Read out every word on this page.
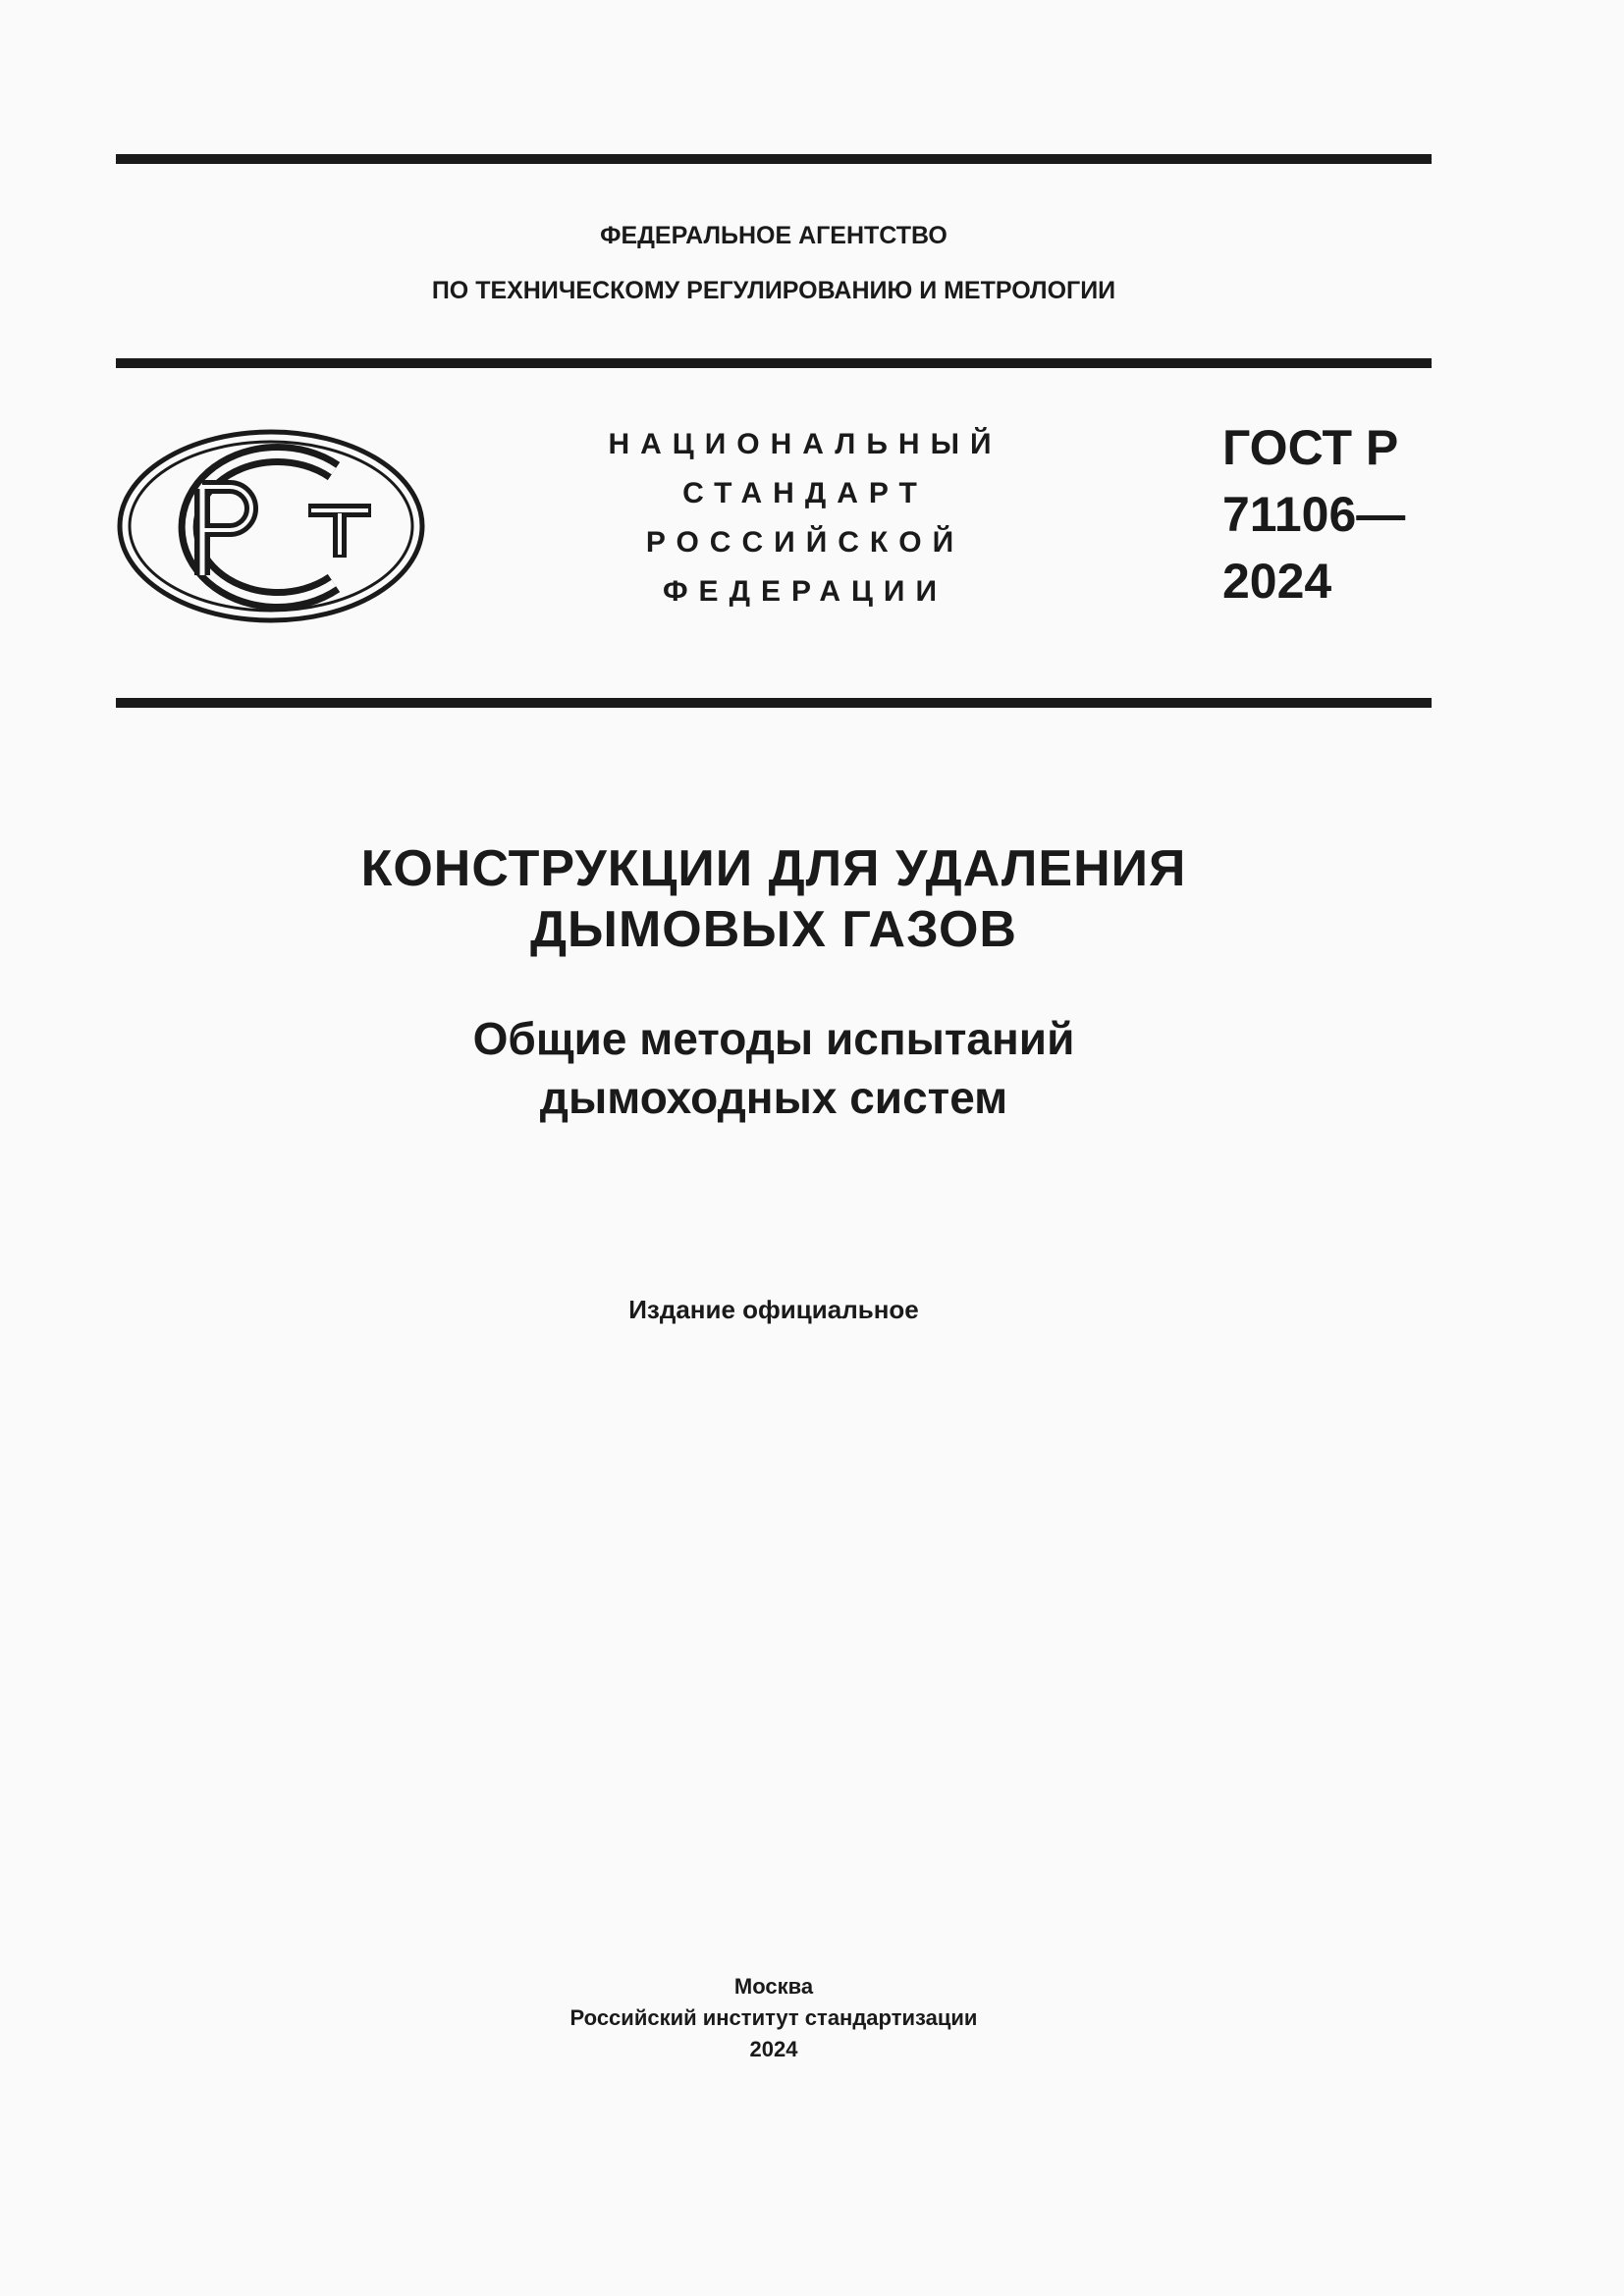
ФЕДЕРАЛЬНОЕ АГЕНТСТВО
ПО ТЕХНИЧЕСКОМУ РЕГУЛИРОВАНИЮ И МЕТРОЛОГИИ
НАЦИОНАЛЬНЫЙ
СТАНДАРТ
РОССИЙСКОЙ
ФЕДЕРАЦИИ
ГОСТ Р
71106—
2024
КОНСТРУКЦИИ ДЛЯ УДАЛЕНИЯ
ДЫМОВЫХ ГАЗОВ
Общие методы испытаний
дымоходных систем
Издание официальное
Москва
Российский институт стандартизации
2024
